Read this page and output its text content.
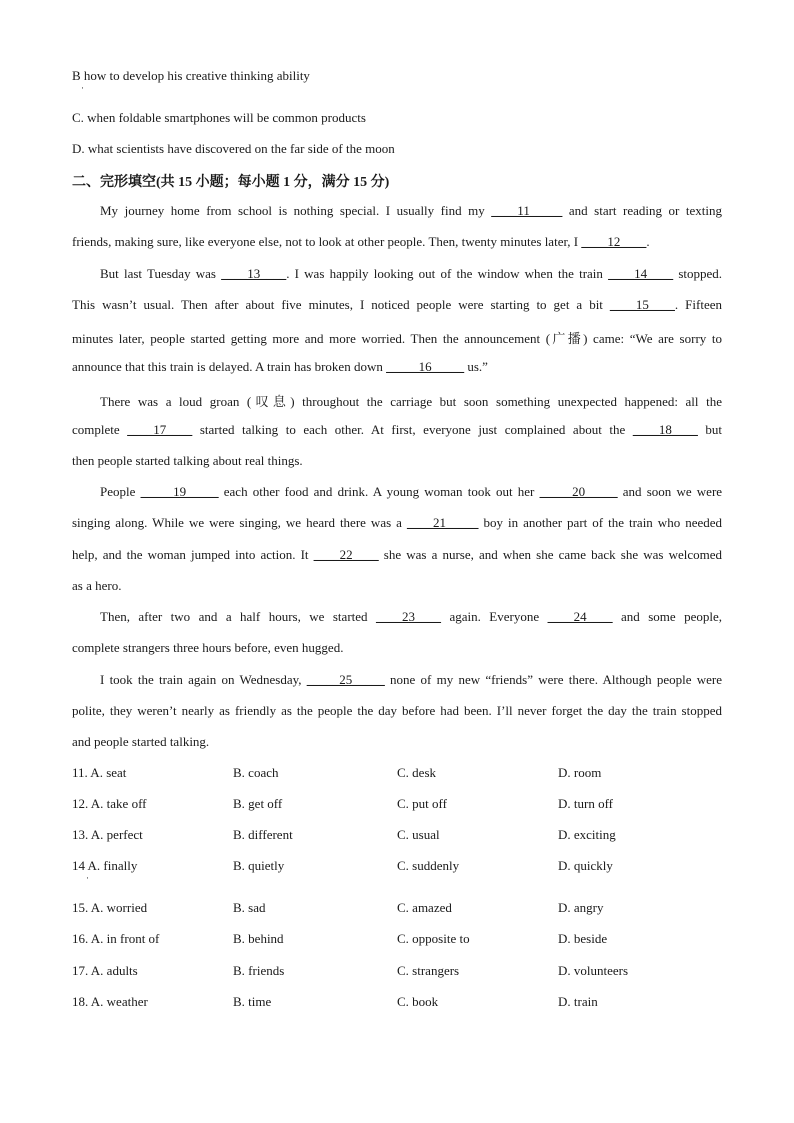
B how to develop his creative thinking ability
·
C. when foldable smartphones will be common products
D. what scientists have discovered on the far side of the moon
二、完形填空(共 15 小题；每小题 1 分，满分 15 分)
My journey home from school is nothing special. I usually find my ____11_____ and start reading or texting
friends, making sure, like everyone else, not to look at other people. Then, twenty minutes later, I ____12____.
But last Tuesday was ____13____. I was happily looking out of the window when the train ____14____ stopped.
This wasn’t usual. Then after about five minutes, I noticed people were starting to get a bit ____15____. Fifteen
minutes later, people started getting more and more worried. Then the announcement (广播) came: “We are sorry to
announce that this train is delayed. A train has broken down _____16_____ us.”
There was a loud groan (叹息) throughout the carriage but soon something unexpected happened: all the
complete ____17____ started talking to each other. At first, everyone just complained about the ____18____ but
then people started talking about real things.
People _____19_____ each other food and drink. A young woman took out her _____20_____ and soon we were
singing along. While we were singing, we heard there was a ____21_____ boy in another part of the train who needed
help, and the woman jumped into action. It ____22____ she was a nurse, and when she came back she was welcomed
as a hero.
Then, after two and a half hours, we started ____23____ again. Everyone ____24____ and some people,
complete strangers three hours before, even hugged.
I took the train again on Wednesday, _____25_____ none of my new “friends” were there. Although people were
polite, they weren’t nearly as friendly as the people the day before had been. I’ll never forget the day the train stopped
and people started talking.
11. A. seat	B. coach	C. desk	D. room
12. A. take off	B. get off	C. put off	D. turn off
13. A. perfect	B. different	C. usual	D. exciting
14 A. finally	B. quietly	C. suddenly	D. quickly
·
15. A. worried	B. sad	C. amazed	D. angry
16. A. in front of	B. behind	C. opposite to	D. beside
17. A. adults	B. friends	C. strangers	D. volunteers
18. A. weather	B. time	C. book	D. train
